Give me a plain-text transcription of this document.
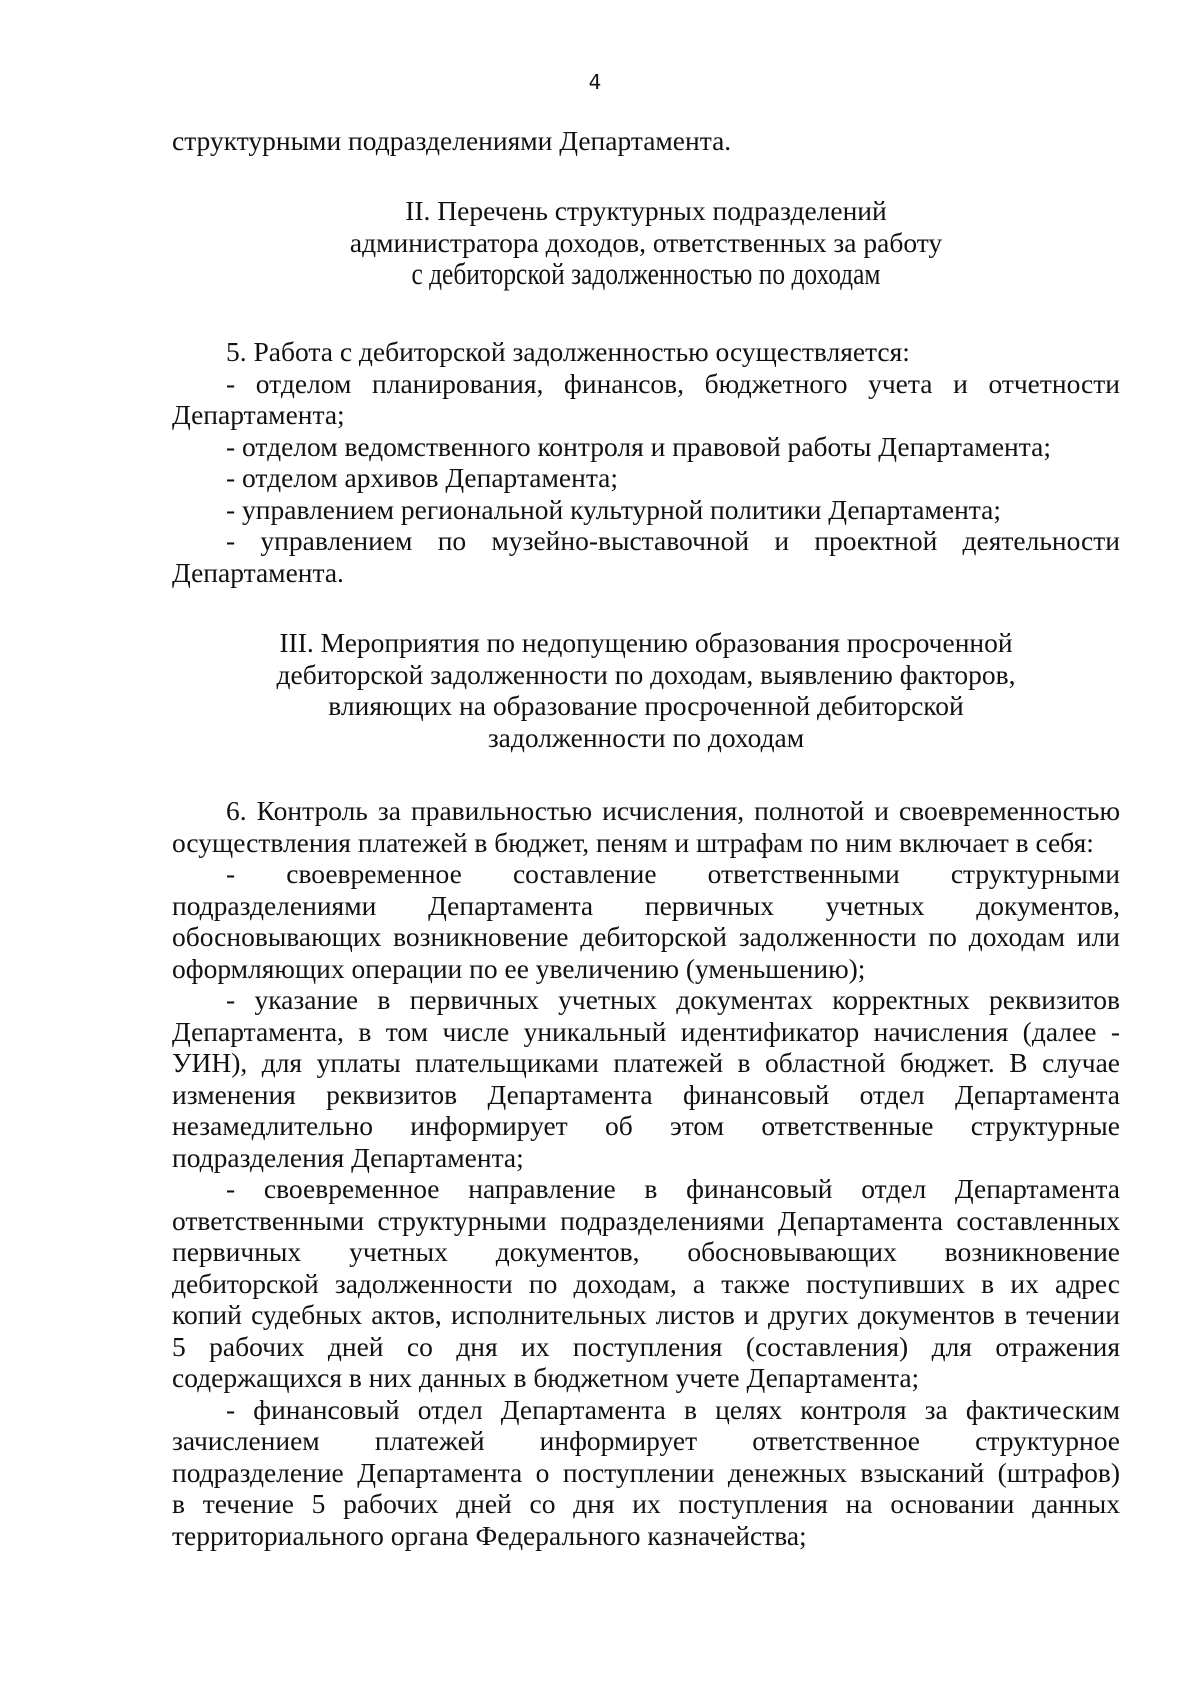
4

структурными подразделениями Департамента.

II. Перечень структурных подразделений

администратора доходов, ответственных за работу

с дебиторской задолженностью по доходам

5. Работа с дебиторской задолженностью осуществляется:

- отделом планирования, финансов, бюджетного учета и отчетности

Департамента;

- отделом ведомственного контроля и правовой работы Департамента;

- отделом архивов Департамента;

- управлением региональной культурной политики Департамента;

- управлением по музейно-выставочной и проектной деятельности

Департамента.

III. Мероприятия по недопущению образования просроченной

дебиторской задолженности по доходам, выявлению факторов,

влияющих на образование просроченной дебиторской

задолженности по доходам

6. Контроль за правильностью исчисления, полнотой и своевременностью

осуществления платежей в бюджет, пеням и штрафам по ним включает в себя:

- своевременное составление ответственными структурными

подразделениями Департамента первичных учетных документов,

обосновывающих возникновение дебиторской задолженности по доходам или

оформляющих операции по ее увеличению (уменьшению);

- указание в первичных учетных документах корректных реквизитов

Департамента, в том числе уникальный идентификатор начисления (далее -

УИН), для уплаты плательщиками платежей в областной бюджет. В случае

изменения реквизитов Департамента финансовый отдел Департамента

незамедлительно информирует об этом ответственные структурные

подразделения Департамента;

- своевременное направление в финансовый отдел Департамента

ответственными структурными подразделениями Департамента составленных

первичных учетных документов, обосновывающих возникновение

дебиторской задолженности по доходам, а также поступивших в их адрес

копий судебных актов, исполнительных листов и других документов в течении

5 рабочих дней со дня их поступления (составления) для отражения

содержащихся в них данных в бюджетном учете Департамента;

- финансовый отдел Департамента в целях контроля за фактическим

зачислением платежей информирует ответственное структурное

подразделение Департамента о поступлении денежных взысканий (штрафов)

в течение 5 рабочих дней со дня их поступления на основании данных

территориального органа Федерального казначейства;
